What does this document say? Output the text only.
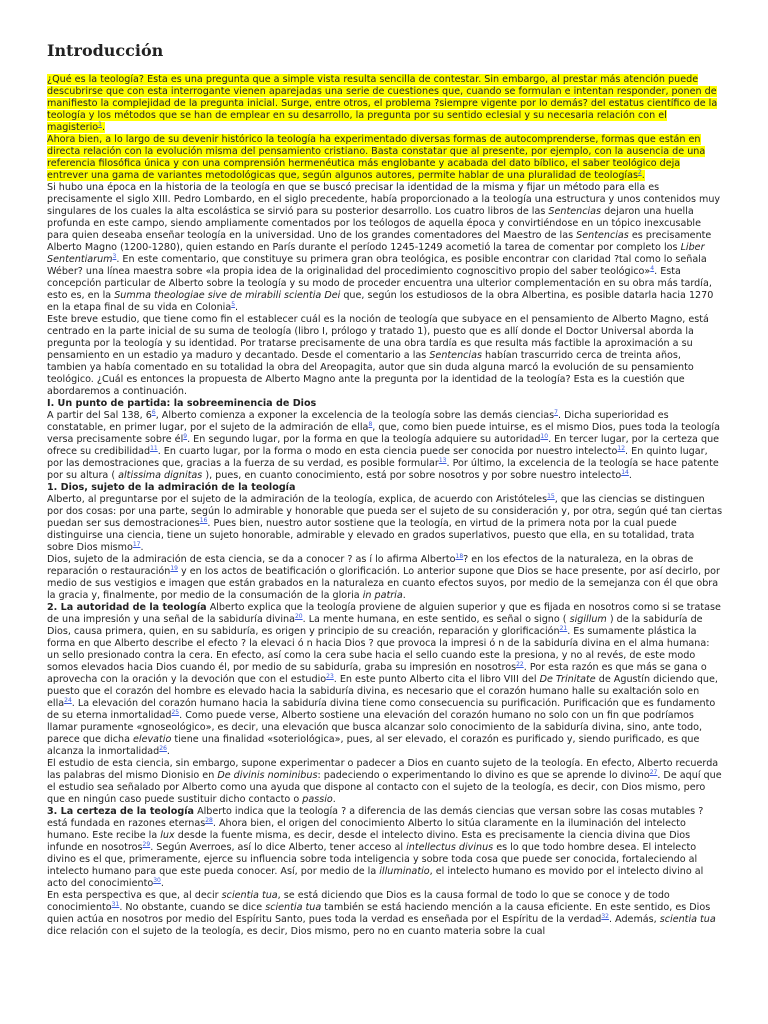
Introducción

¿Qué es la teología? Esta es una pregunta que a simple vista resulta sencilla de contestar. Sin embargo, al prestar más atención puede descubrirse que con esta interrogante vienen aparejadas una serie de cuestiones que, cuando se formulan e intentan responder, ponen de manifiesto la complejidad de la pregunta inicial. Surge, entre otros, el problema ?siempre vigente por lo demás? del estatus científico de la teología y los métodos que se han de emplear en su desarrollo, la pregunta por su sentido eclesial y su necesaria relación con el magisterio$^1$.

Ahora bien, a lo largo de su devenir histórico la teología ha experimentado diversas formas de autocomprenderse, formas que están en directa relación con la evolución misma del pensamiento cristiano. Basta constatar que al presente, por ejemplo, con la ausencia de una referencia filosófica única y con una comprensión hermenéutica más englobante y acabada del dato bíblico, el saber teológico deja entrever una gama de variantes metodológicas que, según algunos autores, permite hablar de una pluralidad de teologías$^2$.

Si hubo una época en la historia de la teología en que se buscó precisar la identidad de la misma y fijar un método para ella es precisamente el siglo XIII. Pedro Lombardo, en el siglo precedente, había proporcionado a la teología una estructura y unos contenidos muy singulares de los cuales la alta escolástica se sirvió para su posterior desarrollo. Los cuatro libros de las Sentencias dejaron una huella profunda en este campo, siendo ampliamente comentados por los teólogos de aquella época y convirtiéndose en un tópico inexcusable para quien deseaba enseñar teología en la universidad. Uno de los grandes comentadores del Maestro de las Sentencias es precisamente Alberto Magno (1200-1280), quien estando en París durante el período 1245-1249 acometió la tarea de comentar por completo los Liber Sententiarum$^3$. En este comentario, que constituye su primera gran obra teológica, es posible encontrar con claridad ?tal como lo señala Wéber? una línea maestra sobre «la propia idea de la originalidad del procedimiento cognoscitivo propio del saber teológico»$^4$. Esta concepción particular de Alberto sobre la teología y su modo de proceder encuentra una ulterior complementación en su obra más tardía, esto es, en la Summa theologiae sive de mirabili scientia Dei que, según los estudiosos de la obra Albertina, es posible datarla hacia 1270 en la etapa final de su vida en Colonia$^5$.

Este breve estudio, que tiene como fin el establecer cuál es la noción de teología que subyace en el pensamiento de Alberto Magno, está centrado en la parte inicial de su suma de teología (libro I, prólogo y tratado 1), puesto que es allí donde el Doctor Universal aborda la pregunta por la teología y su identidad. Por tratarse precisamente de una obra tardía es que resulta más factible la aproximación a su pensamiento en un estadio ya maduro y decantado. Desde el comentario a las Sentencias habían trascurrido cerca de treinta años, tambien ya había comentado en su totalidad la obra del Areopagita, autor que sin duda alguna marcó la evolución de su pensamiento teológico. ¿Cuál es entonces la propuesta de Alberto Magno ante la pregunta por la identidad de la teología? Esta es la cuestión que abordaremos a continuación.

I. Un punto de partida: la sobreeminencia de Dios

A partir del Sal 138, $6^6$, Alberto comienza a exponer la excelencia de la teología sobre las demás ciencias$^7$. Dicha superioridad es constatable, en primer lugar, por el sujeto de la admiración de ella$^8$, que, como bien puede intuirse, es el mismo Dios, pues toda la teología versa precisamente sobre $él^9$. En segundo lugar, por la forma en que la teología adquiere su autoridad$^{10}$. En tercer lugar, por la certeza que ofrece su credibilidad$^{11}$. En cuarto lugar, por la forma o modo en esta ciencia puede ser conocida por nuestro intelecto$^{12}$. En quinto lugar, por las demostraciones que, gracias a la fuerza de su verdad, es posible formular$^{13}$. Por último, la excelencia de la teología se hace patente por su altura ( altissima dignitas ), pues, en cuanto conocimiento, está por sobre nosotros y por sobre nuestro intelecto$^{14}$.

1. Dios, sujeto de la admiración de la teología

Alberto, al preguntarse por el sujeto de la admiración de la teología, explica, de acuerdo con Aristóteles$^{15}$, que las ciencias se distinguen por dos cosas: por una parte, según lo admirable y honorable que pueda ser el sujeto de su consideración y, por otra, según qué tan ciertas puedan ser sus demostraciones$^{16}$. Pues bien, nuestro autor sostiene que la teología, en virtud de la primera nota por la cual puede distinguirse una ciencia, tiene un sujeto honorable, admirable y elevado en grados superlativos, puesto que ella, en su totalidad, trata sobre Dios mismo$^{17}$.

Dios, sujeto de la admiración de esta ciencia, se da a conocer ? as í lo afirma Alberto$^{18}$? en los efectos de la naturaleza, en la obras de reparación o restauración$^{19}$ y en los actos de beatificación o glorificación. Lo anterior supone que Dios se hace presente, por así decirlo, por medio de sus vestigios e imagen que están grabados en la naturaleza en cuanto efectos suyos, por medio de la semejanza con él que obra la gracia y, finalmente, por medio de la consumación de la gloria in patria.

2. La autoridad de la teología Alberto explica que la teología proviene de alguien superior y que es fijada en nosotros como si se tratase de una impresión y una señal de la sabiduría divina$^{20}$. La mente humana, en este sentido, es señal o signo ( sigillum ) de la sabiduría de Dios, causa primera, quien, en su sabiduría, es origen y principio de su creación, reparación y glorificación$^{21}$. Es sumamente plástica la forma en que Alberto describe el efecto ? la elevaci ó n hacia Dios ? que provoca la impresi ó n de la sabiduría divina en el alma humana: un sello presionado contra la cera. En efecto, así como la cera sube hacia el sello cuando este la presiona, y no al revés, de este modo somos elevados hacia Dios cuando él, por medio de su sabiduría, graba su impresión en nosotros$^{22}$. Por esta razón es que más se gana o aprovecha con la oración y la devoción que con el estudio$^{23}$. En este punto Alberto cita el libro VIII del De Trinitate de Agustín diciendo que, puesto que el corazón del hombre es elevado hacia la sabiduría divina, es necesario que el corazón humano halle su exaltación solo en ella$^{24}$. La elevación del corazón humano hacia la sabiduría divina tiene como consecuencia su purificación. Purificación que es fundamento de su eterna inmortalidad$^{25}$. Como puede verse, Alberto sostiene una elevación del corazón humano no solo con un fin que podríamos llamar puramente «gnoseológico», es decir, una elevación que busca alcanzar solo conocimiento de la sabiduría divina, sino, ante todo, parece que dicha elevatio tiene una finalidad «soteriológica», pues, al ser elevado, el corazón es purificado y, siendo purificado, es que alcanza la inmortalidad$^{26}$.

El estudio de esta ciencia, sin embargo, supone experimentar o padecer a Dios en cuanto sujeto de la teología. En efecto, Alberto recuerda las palabras del mismo Dionisio en De divinis nominibus: padeciendo o experimentando lo divino es que se aprende lo divino$^{27}$. De aquí que el estudio sea señalado por Alberto como una ayuda que dispone al contacto con el sujeto de la teología, es decir, con Dios mismo, pero que en ningún caso puede sustituir dicho contacto o passio.

3. La certeza de la teología Alberto indica que la teología ? a diferencia de las demás ciencias que versan sobre las cosas mutables ? está fundada en razones eternas$^{28}$. Ahora bien, el origen del conocimiento Alberto lo sitúa claramente en la iluminación del intelecto humano. Este recibe la lux desde la fuente misma, es decir, desde el intelecto divino. Esta es precisamente la ciencia divina que Dios infunde en nosotros$^{29}$. Según Averroes, así lo dice Alberto, tener acceso al intellectus divinus es lo que todo hombre desea. El intelecto divino es el que, primeramente, ejerce su influencia sobre toda inteligencia y sobre toda cosa que puede ser conocida, fortaleciendo al intelecto humano para que este pueda conocer. Así, por medio de la illuminatio, el intelecto humano es movido por el intelecto divino al acto del conocimiento$^{30}$.

En esta perspectiva es que, al decir scientia tua, se está diciendo que Dios es la causa formal de todo lo que se conoce y de todo conocimiento$^{31}$. No obstante, cuando se dice scientia tua también se está haciendo mención a la causa eficiente. En este sentido, es Dios quien actúa en nosotros por medio del Espíritu Santo, pues toda la verdad es enseñada por el Espíritu de la verdad$^{32}$. Además, scientia tua dice relación con el sujeto de la teología, es decir, Dios mismo, pero no en cuanto materia sobre la cual
